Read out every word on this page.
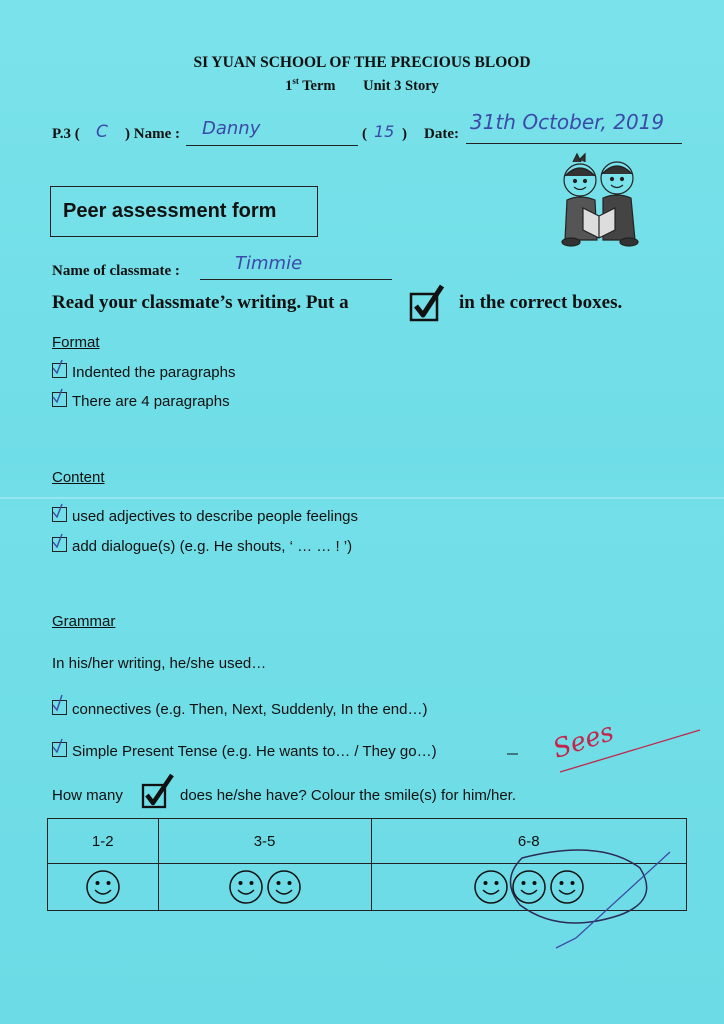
SI YUAN SCHOOL OF THE PRECIOUS BLOOD
1st Term Unit 3 Story
P.3 ( C ) Name : Danny	( 15 ) Date: 31th October, 2019
Peer assessment form
Name of classmate :	Timmie
Read your classmate’s writing. Put a	in the correct boxes.
Format
Indented the paragraphs
There are 4 paragraphs
Content
used adjectives to describe people feelings
add dialogue(s) (e.g. He shouts, ‘ … … ! ’)
Grammar
In his/her writing, he/she used…
connectives (e.g. Then, Next, Suddenly, In the end…)
Simple Present Tense (e.g. He wants to… / They go…)
How many	does he/she have? Colour the smile(s) for him/her.
1-2	3-5	6-8

Sees
